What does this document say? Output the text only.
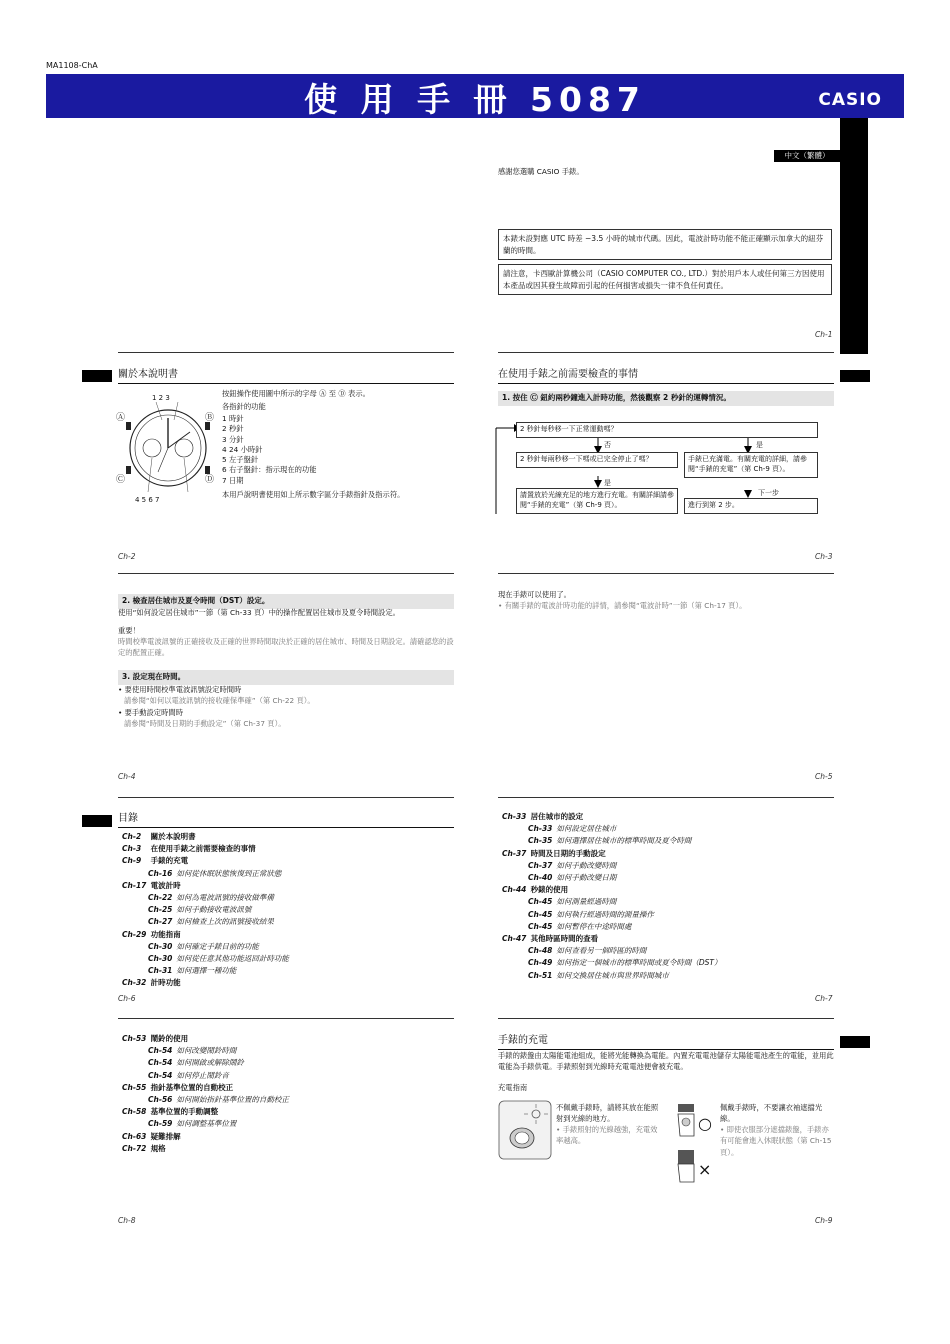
MA1108-ChA
使 用 手 冊 5087	CASIO
中文（繁體）
感謝您選購 CASIO 手錶。
本錶未設對應 UTC 時差 −3.5 小時的城市代碼。因此，電波計時功能不能正確顯示加拿大的紐芬蘭的時間。
請注意，卡西歐計算機公司（CASIO COMPUTER CO., LTD.）對於用戶本人或任何第三方因使用本產品或因其發生故障而引起的任何損害或損失一律不負任何責任。
Ch-1
關於本說明書
1 2 3
4 5 6 7
Ⓐ	Ⓑ
Ⓒ	Ⓓ
按鈕操作使用圖中所示的字母 Ⓐ 至 Ⓓ 表示。
各指針的功能
1 時針
2 秒針
3 分針
4 24 小時針
5 左子盤針
6 右子盤針：指示現在的功能
7 日期
本用戶說明書使用如上所示數字區分手錶指針及指示符。
Ch-2
在使用手錶之前需要檢查的事情
1. 按住 Ⓒ 鈕約兩秒鐘進入計時功能，然後觀察 2 秒針的運轉情況。
2 秒針每秒移一下正常運動嗎？
否	是
2 秒針每兩秒移一下嗎或已完全停止了嗎？	手錶已充滿電。有關充電的詳細，請參閱“手錶的充電”（第 Ch-9 頁）。
是
下一步
請置放於光線充足的地方進行充電。有關詳細請參閱“手錶的充電”（第 Ch-9 頁）。	進行到第 2 步。
Ch-3
2. 檢查居住城市及夏令時間（DST）設定。
使用“如何設定居住城市”一節（第 Ch-33 頁）中的操作配置居住城市及夏令時間設定。
重要！
時間校準電波訊號的正確接收及正確的世界時間取決於正確的居住城市、時間及日期設定。請確認您的設定的配置正確。
3. 設定現在時間。
• 要使用時間校準電波訊號設定時間時
請參閱“如何以電波訊號的接收確保準確”（第 Ch-22 頁）。
• 要手動設定時間時
請參閱“時間及日期的手動設定”（第 Ch-37 頁）。
Ch-4
現在手錶可以使用了。
• 有關手錶的電波計時功能的詳情，請參閱“電波計時”一節（第 Ch-17 頁）。
Ch-5
目錄
Ch-2 關於本說明書
Ch-3 在使用手錶之前需要檢查的事情
Ch-9 手錶的充電
Ch-16 如何從休眠狀態恢復到正常狀態
Ch-17 電波計時
Ch-22 如何為電波訊號的接收做準備
Ch-25 如何手動接收電波訊號
Ch-27 如何檢查上次的訊號接收結果
Ch-29 功能指南
Ch-30 如何確定手錶目前的功能
Ch-30 如何從任意其他功能返回計時功能
Ch-31 如何選擇一種功能
Ch-32 計時功能
Ch-6
Ch-33 居住城市的設定
Ch-33 如何設定居住城市
Ch-35 如何選擇居住城市的標準時間及夏令時間
Ch-37 時間及日期的手動設定
Ch-37 如何手動改變時間
Ch-40 如何手動改變日期
Ch-44 秒錶的使用
Ch-45 如何測量經過時間
Ch-45 如何執行經過時間的測量操作
Ch-45 如何暫停在中途時間處
Ch-47 其他時區時間的查看
Ch-48 如何查看另一個時區的時間
Ch-49 如何指定一個城市的標準時間或夏令時間（DST）
Ch-51 如何交換居住城市與世界時間城市
Ch-7
Ch-53 鬧鈴的使用
Ch-54 如何改變鬧鈴時間
Ch-54 如何開啟或解除鬧鈴
Ch-54 如何停止鬧鈴音
Ch-55 指針基準位置的自動校正
Ch-56 如何開始指針基準位置的自動校正
Ch-58 基準位置的手動調整
Ch-59 如何調整基準位置
Ch-63 疑難排解
Ch-72 規格
Ch-8
手錶的充電
手錶的錶盤由太陽能電池組成，能將光能轉換為電能。內置充電電池儲存太陽能電池產生的電能，並用此電能為手錶供電。手錶照射到光線時充電電池便會被充電。
充電指南
不佩戴手錶時，請將其放在能照射到光線的地方。
• 手錶照射的光線越強，充電效率越高。
○
×
佩戴手錶時，不要讓衣袖遮擋光線。
• 即使衣服部分遮擋錶盤，手錶亦有可能會進入休眠狀態（第 Ch-15 頁）。
Ch-9
